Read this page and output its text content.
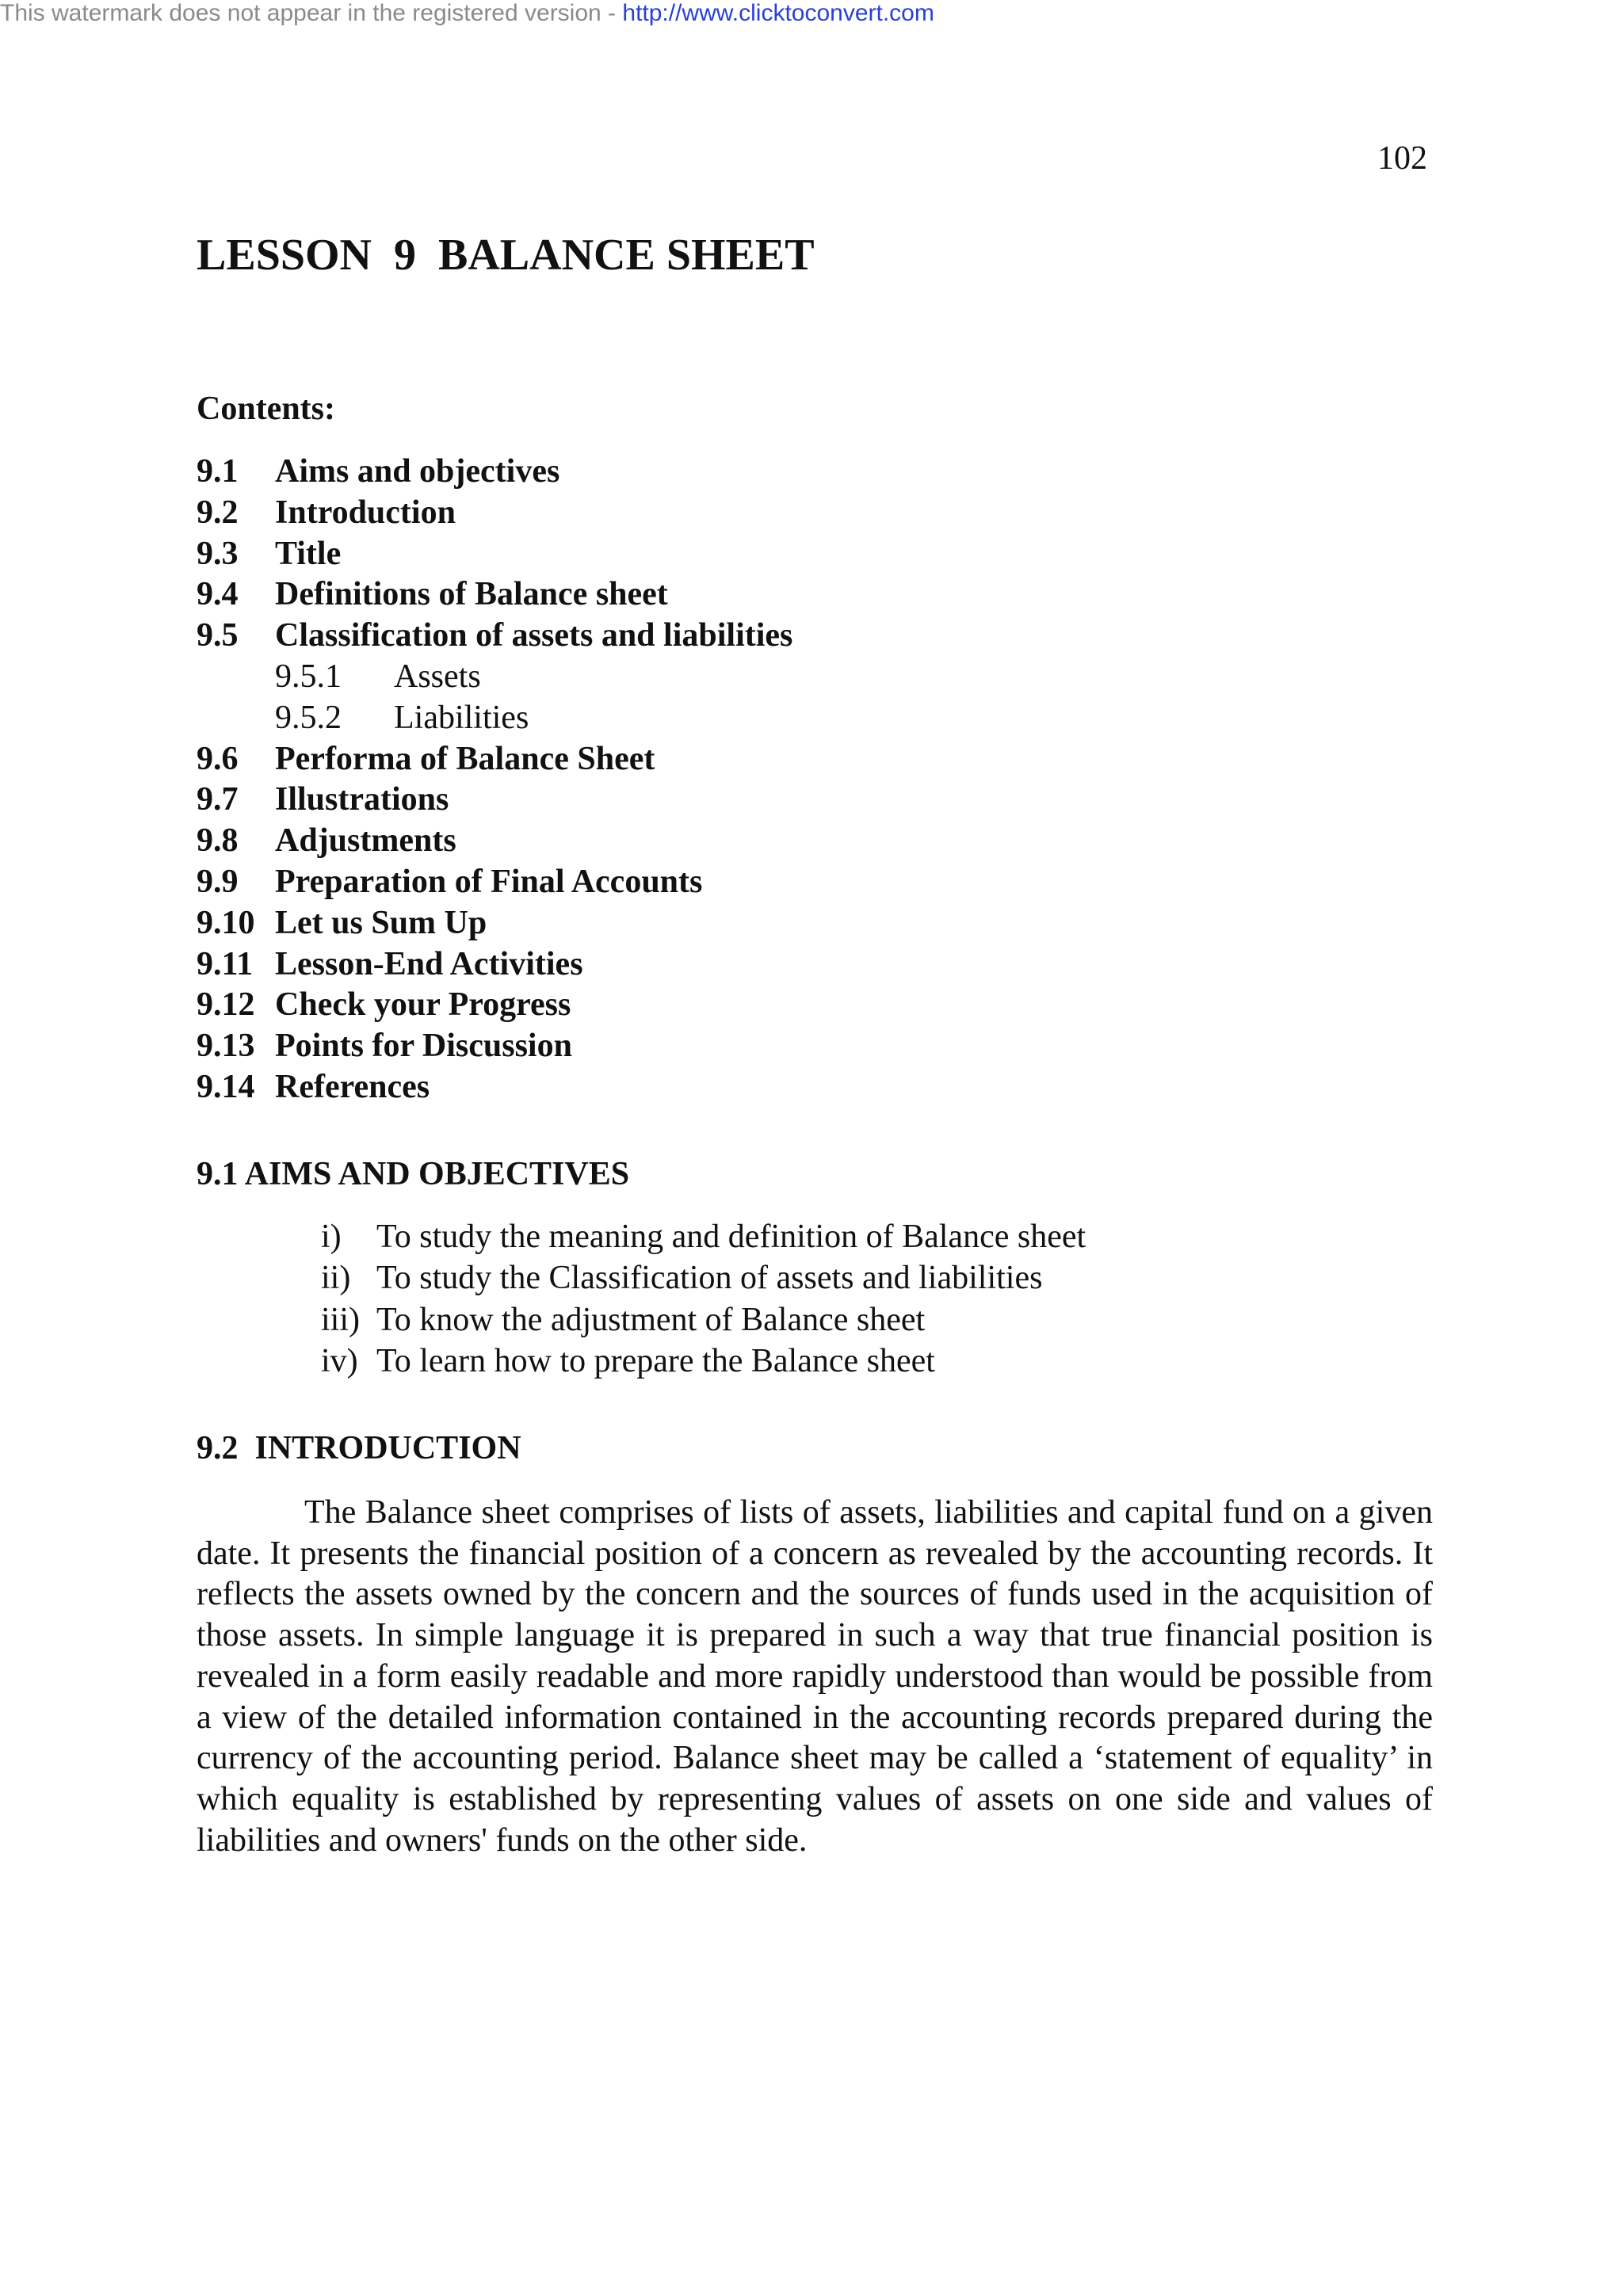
This watermark does not appear in the registered version - http://www.clicktoconvert.com
102
LESSON  9  BALANCE SHEET
Contents:
9.1 Aims and objectives
9.2 Introduction
9.3 Title
9.4 Definitions of Balance sheet
9.5 Classification of assets and liabilities
9.5.1 Assets
9.5.2 Liabilities
9.6 Performa of Balance Sheet
9.7 Illustrations
9.8 Adjustments
9.9 Preparation of Final Accounts
9.10 Let us Sum Up
9.11 Lesson-End Activities
9.12 Check your Progress
9.13 Points for Discussion
9.14 References
9.1 AIMS AND OBJECTIVES
i) To study the meaning and definition of Balance sheet
ii) To study the Classification of assets and liabilities
iii) To know the adjustment of Balance sheet
iv) To learn how to prepare the Balance sheet
9.2  INTRODUCTION

The Balance sheet comprises of lists of assets, liabilities and capital fund on a given date. It presents the financial position of a concern as revealed by the accounting records. It reflects the assets owned by the concern and the sources of funds used in the acquisition of those assets. In simple language it is prepared in such a way that true financial position is revealed in a form easily readable and more rapidly understood than would be possible from a view of the detailed information contained in the accounting records prepared during the currency of the accounting period. Balance sheet may be called a ‘statement of equality’ in which equality is established by representing values of assets on one side and values of liabilities and owners' funds on the other side.
